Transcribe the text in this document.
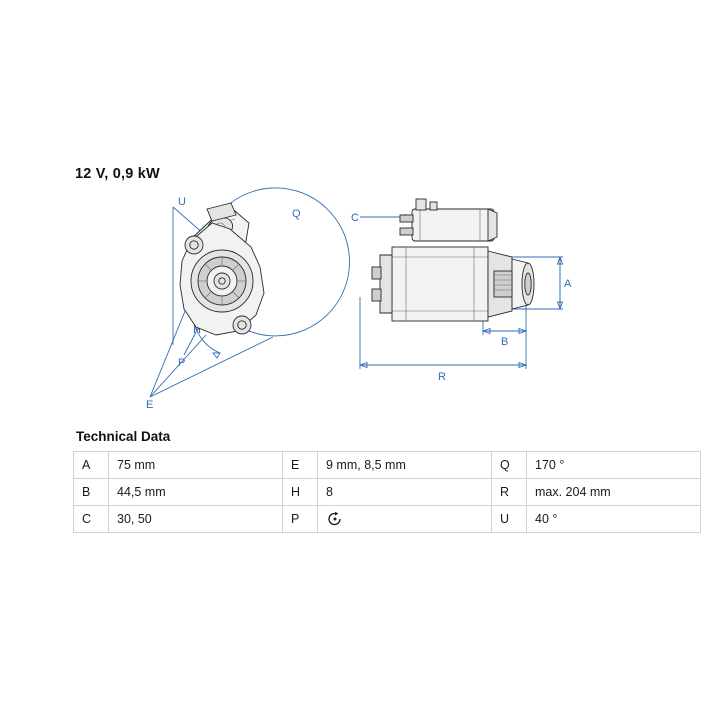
12 V, 0,9 kW
Q
U
E
P
H
C
A
B
R
Technical Data
A	75 mm	E	9 mm, 8,5 mm	Q	170 °
B	44,5 mm	H	8	R	max. 204 mm
C	30, 50	P		U	40 °
